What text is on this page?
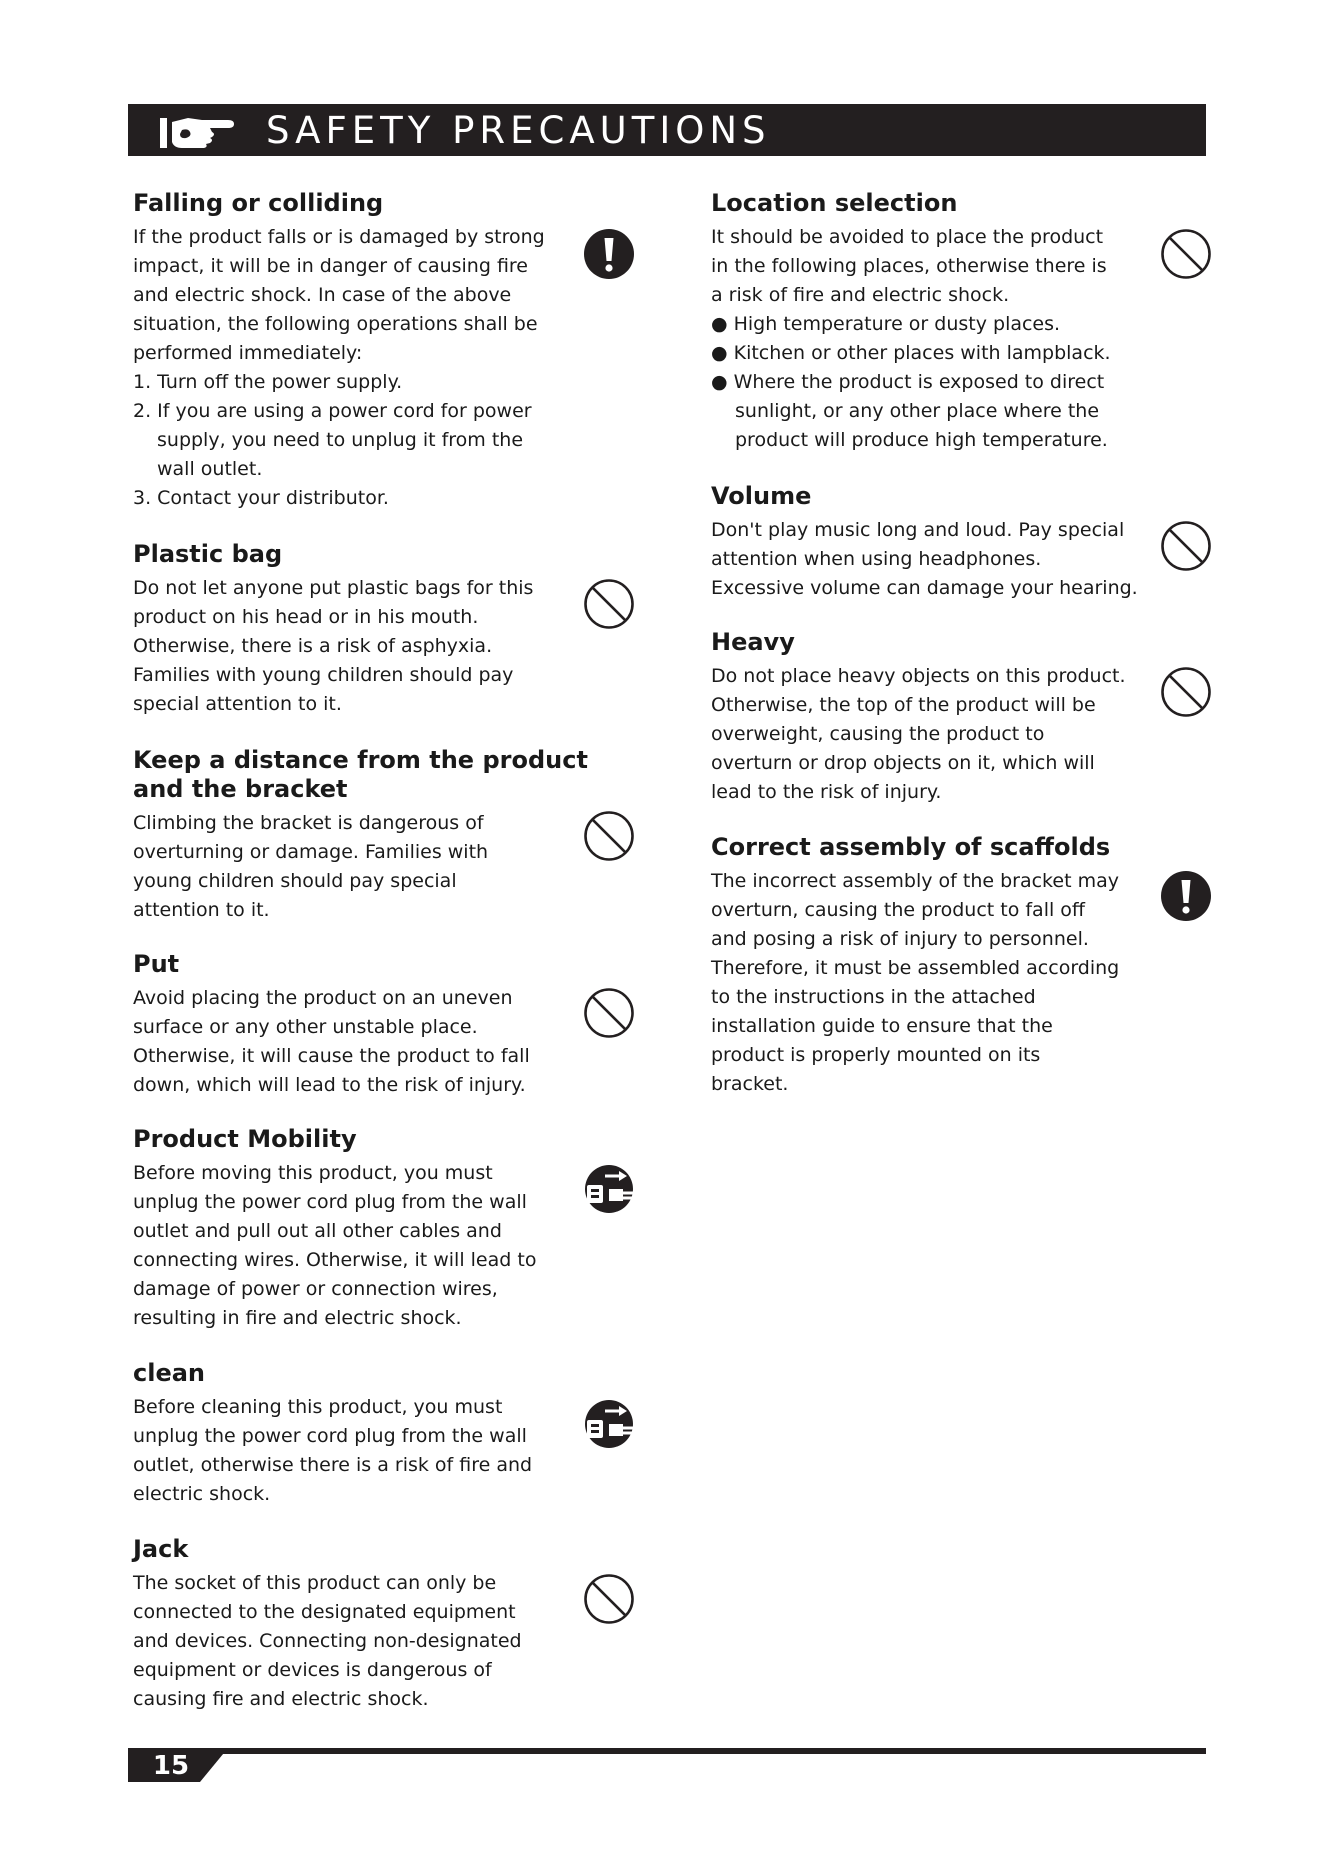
SAFETY PRECAUTIONS
Falling or colliding
If the product falls or is damaged by strong
impact, it will be in danger of causing fire
and electric shock. In case of the above
situation, the following operations shall be
performed immediately:
1. Turn off the power supply.
2. If you are using a power cord for power
supply, you need to unplug it from the
wall outlet.
3. Contact your distributor.
Plastic bag
Do not let anyone put plastic bags for this
product on his head or in his mouth.
Otherwise, there is a risk of asphyxia.
Families with young children should pay
special attention to it.
Keep a distance from the product
and the bracket
Climbing the bracket is dangerous of
overturning or damage. Families with
young children should pay special
attention to it.
Put
Avoid placing the product on an uneven
surface or any other unstable place.
Otherwise, it will cause the product to fall
down, which will lead to the risk of injury.
Product Mobility
Before moving this product, you must
unplug the power cord plug from the wall
outlet and pull out all other cables and
connecting wires. Otherwise, it will lead to
damage of power or connection wires,
resulting in fire and electric shock.
clean
Before cleaning this product, you must
unplug the power cord plug from the wall
outlet, otherwise there is a risk of fire and
electric shock.
Jack
The socket of this product can only be
connected to the designated equipment
and devices. Connecting non-designated
equipment or devices is dangerous of
causing fire and electric shock.
Location selection
It should be avoided to place the product
in the following places, otherwise there is
a risk of fire and electric shock.
● High temperature or dusty places.
● Kitchen or other places with lampblack.
● Where the product is exposed to direct
sunlight, or any other place where the
product will produce high temperature.
Volume
Don't play music long and loud. Pay special
attention when using headphones.
Excessive volume can damage your hearing.
Heavy
Do not place heavy objects on this product.
Otherwise, the top of the product will be
overweight, causing the product to
overturn or drop objects on it, which will
lead to the risk of injury.
Correct assembly of scaffolds
The incorrect assembly of the bracket may
overturn, causing the product to fall off
and posing a risk of injury to personnel.
Therefore, it must be assembled according
to the instructions in the attached
installation guide to ensure that the
product is properly mounted on its
bracket.
15
